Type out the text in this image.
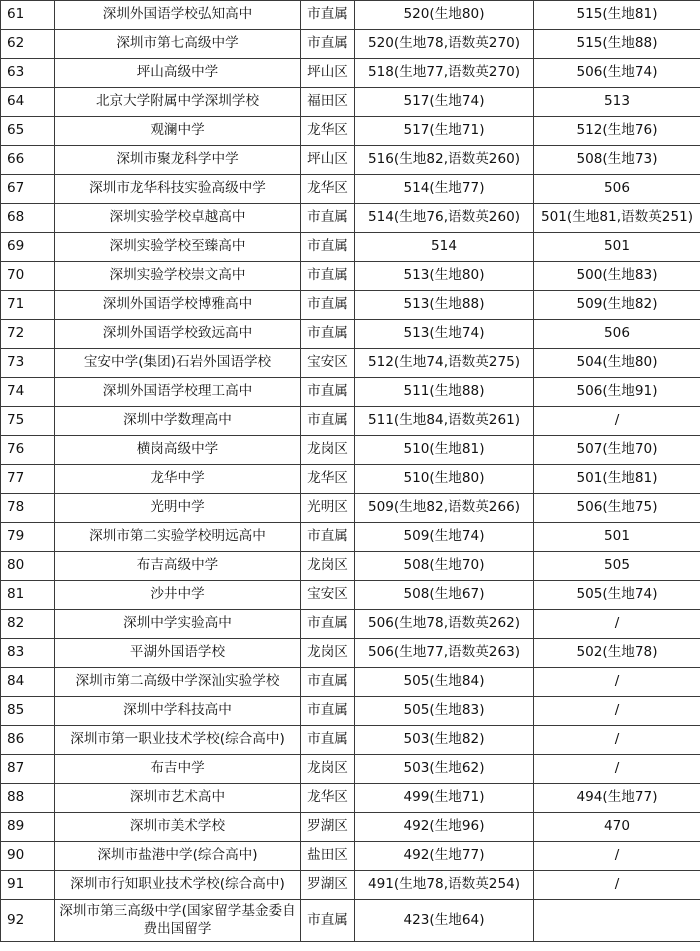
61	深圳外国语学校弘知高中	市直属	520(生地80)	515(生地81)
62	深圳市第七高级中学	市直属	520(生地78,语数英270)	515(生地88)
63	坪山高级中学	坪山区	518(生地77,语数英270)	506(生地74)
64	北京大学附属中学深圳学校	福田区	517(生地74)	513
65	观澜中学	龙华区	517(生地71)	512(生地76)
66	深圳市聚龙科学中学	坪山区	516(生地82,语数英260)	508(生地73)
67	深圳市龙华科技实验高级中学	龙华区	514(生地77)	506
68	深圳实验学校卓越高中	市直属	514(生地76,语数英260)	501(生地81,语数英251)
69	深圳实验学校至臻高中	市直属	514	501
70	深圳实验学校崇文高中	市直属	513(生地80)	500(生地83)
71	深圳外国语学校博雅高中	市直属	513(生地88)	509(生地82)
72	深圳外国语学校致远高中	市直属	513(生地74)	506
73	宝安中学(集团)石岩外国语学校	宝安区	512(生地74,语数英275)	504(生地80)
74	深圳外国语学校理工高中	市直属	511(生地88)	506(生地91)
75	深圳中学数理高中	市直属	511(生地84,语数英261)	/
76	横岗高级中学	龙岗区	510(生地81)	507(生地70)
77	龙华中学	龙华区	510(生地80)	501(生地81)
78	光明中学	光明区	509(生地82,语数英266)	506(生地75)
79	深圳市第二实验学校明远高中	市直属	509(生地74)	501
80	布吉高级中学	龙岗区	508(生地70)	505
81	沙井中学	宝安区	508(生地67)	505(生地74)
82	深圳中学实验高中	市直属	506(生地78,语数英262)	/
83	平湖外国语学校	龙岗区	506(生地77,语数英263)	502(生地78)
84	深圳市第二高级中学深汕实验学校	市直属	505(生地84)	/
85	深圳中学科技高中	市直属	505(生地83)	/
86	深圳市第一职业技术学校(综合高中)	市直属	503(生地82)	/
87	布吉中学	龙岗区	503(生地62)	/
88	深圳市艺术高中	龙华区	499(生地71)	494(生地77)
89	深圳市美术学校	罗湖区	492(生地96)	470
90	深圳市盐港中学(综合高中)	盐田区	492(生地77)	/
91	深圳市行知职业技术学校(综合高中)	罗湖区	491(生地78,语数英254)	/
92	深圳市第三高级中学(国家留学基金委自费出国留学	市直属	423(生地64)	
